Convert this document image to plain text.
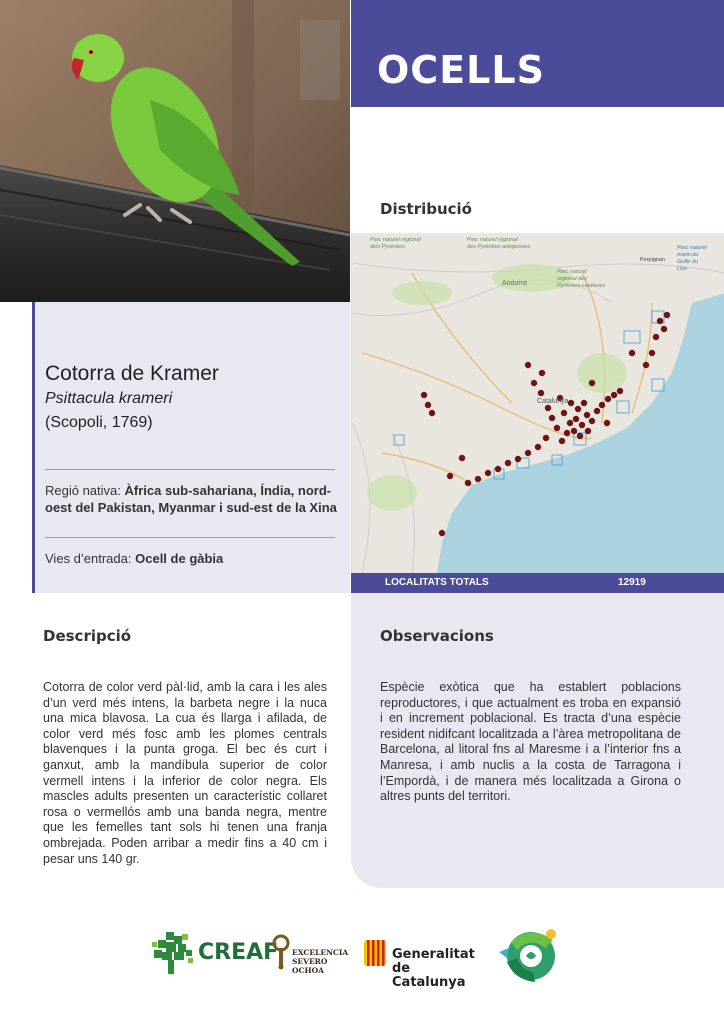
OCELLS
Cotorra de Kramer
Psittacula krameri
(Scopoli, 1769)
Regió nativa: Àfrica sub-sahariana, Índia, nord-oest del Pakistan, Myanmar i sud-est de la Xina
Vies d’entrada: Ocell de gàbia
Distribució
Andorra
Catalunya
Parc naturel régional
des Pyrénées ariégeoises
Parc naturel
régional des
Pyrénées catalanes
Parc naturel régional
dels Pyrénées	Parc naturel
marin du
Golfe du
Lion
Perpignan
LOCALITATS TOTALS	12919
Descripció
Cotorra de color verd pàl·lid, amb la cara i les ales d’un verd més intens, la barbeta negre i la nuca una mica blavosa. La cua és llarga i afilada, de color verd més fosc amb les plomes centrals blavenques i la punta groga. El bec és curt i ganxut, amb la mandíbula superior de color vermell intens i la inferior de color negra. Els mascles adults presenten un característic collaret rosa o vermellós amb una banda negra, mentre que les femelles tant sols hi tenen una franja ombrejada. Poden arribar a medir fins a 40 cm i pesar uns 140 gr.
Observacions
Espècie exòtica que ha establert poblacions reproductores, i que actualment es troba en expansió i en increment poblacional. Es tracta d’una espècie resident nidifcant localitzada a l’àrea metropolitana de Barcelona, al litoral fns al Maresme i a l’interior fns a Manresa, i amb nuclis a la costa de Tarragona i l’Empordà, i de manera més localitzada a Girona o altres punts del territori.
CREAF EXCELENCIA
SEVERO
OCHOA
Generalitat
de Catalunya
